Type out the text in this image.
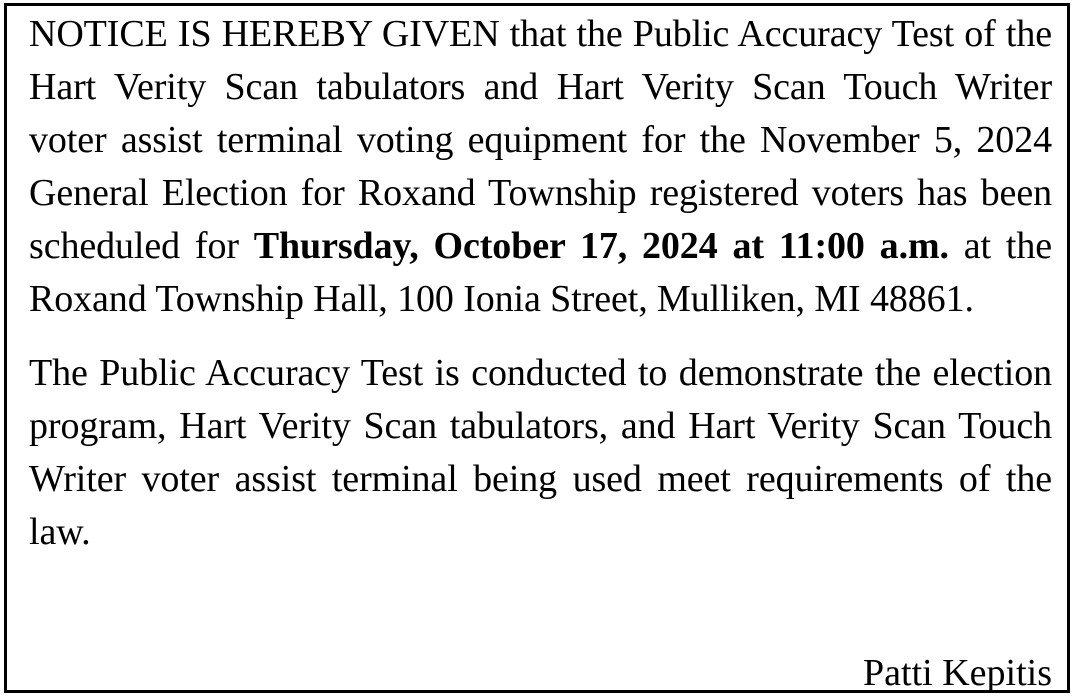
NOTICE IS HEREBY GIVEN that the Public Accuracy Test of the Hart Verity Scan tabulators and Hart Verity Scan Touch Writer voter assist terminal voting equipment for the November 5, 2024 General Election for Roxand Township registered voters has been scheduled for Thursday, October 17, 2024 at 11:00 a.m. at the Roxand Township Hall, 100 Ionia Street, Mulliken, MI 48861.

The Public Accuracy Test is conducted to demonstrate the election program, Hart Verity Scan tabulators, and Hart Verity Scan Touch Writer voter assist terminal being used meet requirements of the law.

Patti Kepitis
